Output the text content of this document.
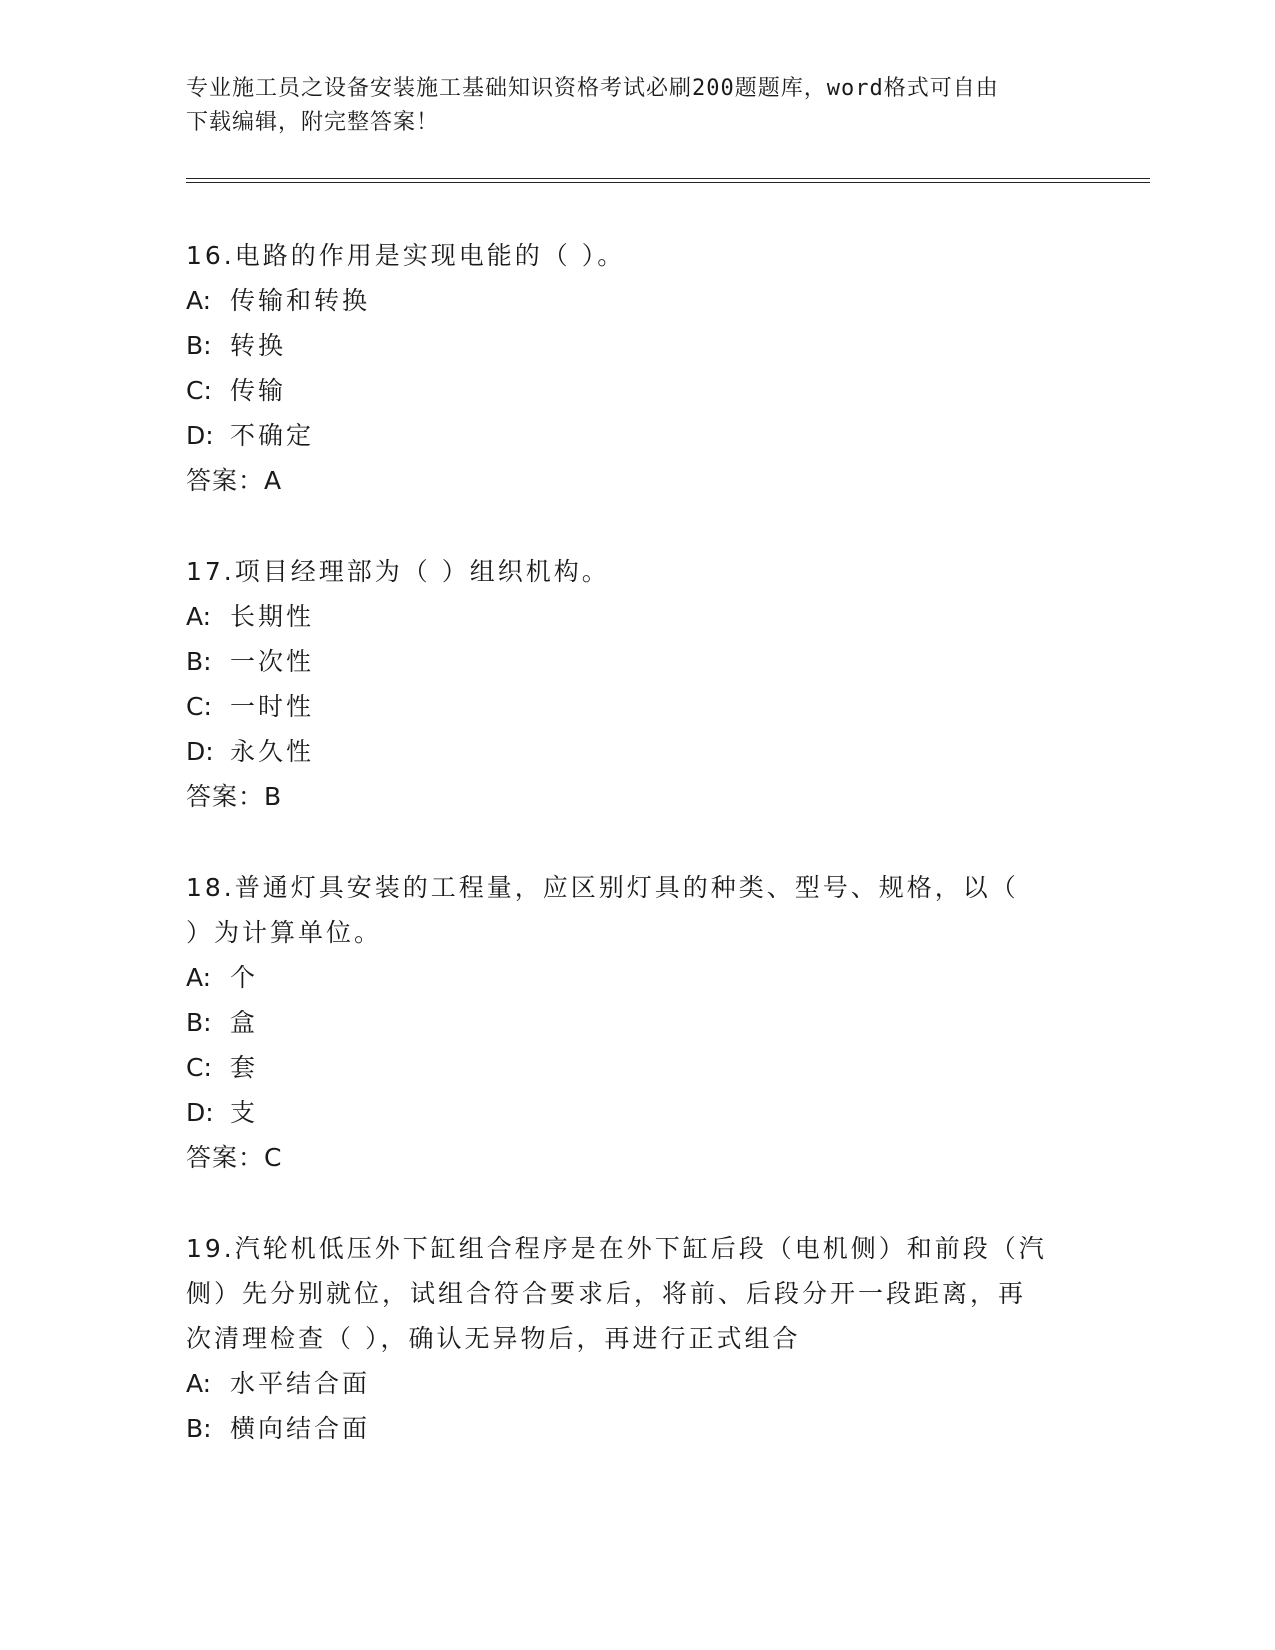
专业施工员之设备安装施工基础知识资格考试必刷200题题库，word格式可自由
下载编辑，附完整答案！
16.电路的作用是实现电能的（ ）。
A: 传输和转换
B: 转换
C: 传输
D: 不确定
答案：A
17.项目经理部为（ ）组织机构。
A: 长期性
B: 一次性
C: 一时性
D: 永久性
答案：B
18.普通灯具安装的工程量，应区别灯具的种类、型号、规格，以（
）为计算单位。
A: 个
B: 盒
C: 套
D: 支
答案：C
19.汽轮机低压外下缸组合程序是在外下缸后段（电机侧）和前段（汽
侧）先分别就位，试组合符合要求后，将前、后段分开一段距离，再
次清理检查（ ），确认无异物后，再进行正式组合
A: 水平结合面
B: 横向结合面
